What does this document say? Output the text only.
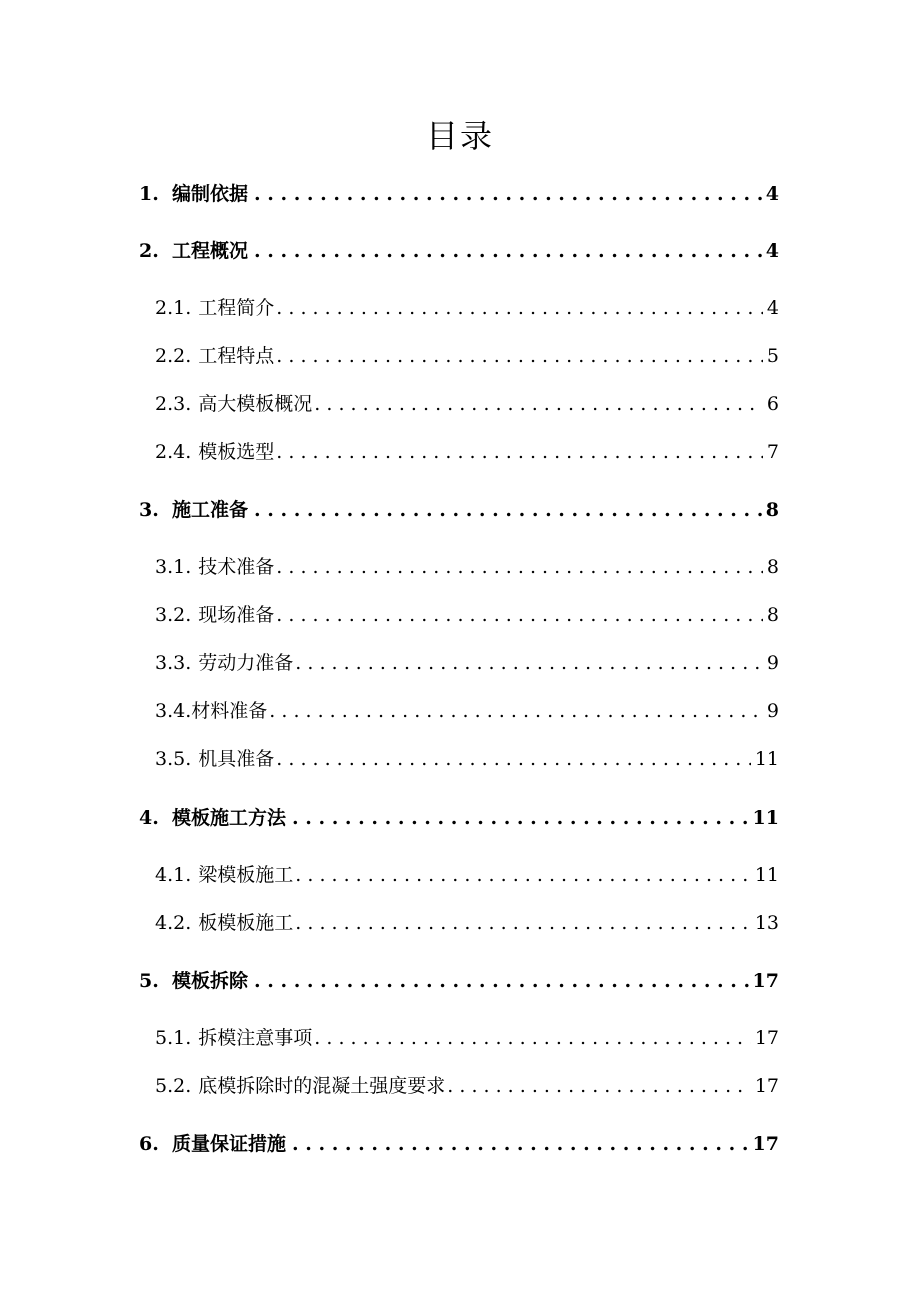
目录
1. 编制依据 . . .	4
2. 工程概况 . . .	4
2.1. 工程简介 . . .	4
2.2. 工程特点 . . .	5
2.3. 高大模板概况 . . .	6
2.4. 模板选型 . . .	7
3. 施工准备 . . .	8
3.1. 技术准备 . . .	8
3.2. 现场准备 . . .	8
3.3. 劳动力准备 . . .	9
3.4. 材料准备 . . .	9
3.5. 机具准备 . . .	11
4. 模板施工方法 . . .	11
4.1. 梁模板施工 . . .	11
4.2. 板模板施工 . . .	13
5. 模板拆除 . . .	17
5.1. 拆模注意事项 . . .	17
5.2. 底模拆除时的混凝土强度要求 . . .	17
6. 质量保证措施 . . .	17
